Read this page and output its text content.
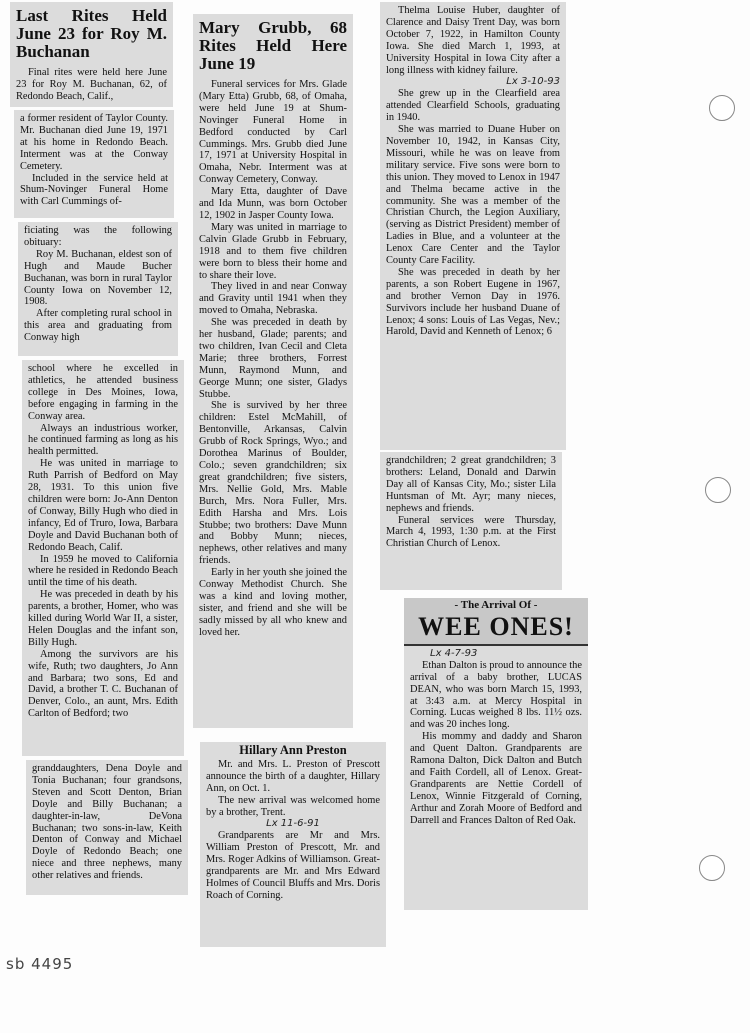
Last Rites Held June 23 for Roy M. Buchanan

Final rites were held here June 23 for Roy M. Buchanan, 62, of Redondo Beach, Calif.,

a former resident of Taylor County. Mr. Buchanan died June 19, 1971 at his home in Redondo Beach. Interment was at the Conway Cemetery.

Included in the service held at Shum-Novinger Funeral Home with Carl Cummings of-

ficiating was the following obituary:

Roy M. Buchanan, eldest son of Hugh and Maude Bucher Buchanan, was born in rural Taylor County Iowa on November 12, 1908.

After completing rural school in this area and graduating from Conway high

school where he excelled in athletics, he attended business college in Des Moines, Iowa, before engaging in farming in the Conway area.

Always an industrious worker, he continued farming as long as his health permitted.

He was united in marriage to Ruth Parrish of Bedford on May 28, 1931. To this union five children were born: Jo-Ann Denton of Conway, Billy Hugh who died in infancy, Ed of Truro, Iowa, Barbara Doyle and David Buchanan both of Redondo Beach, Calif.

In 1959 he moved to California where he resided in Redondo Beach until the time of his death.

He was preceded in death by his parents, a brother, Homer, who was killed during World War II, a sister, Helen Douglas and the infant son, Billy Hugh.

Among the survivors are his wife, Ruth; two daughters, Jo Ann and Barbara; two sons, Ed and David, a brother T. C. Buchanan of Denver, Colo., an aunt, Mrs. Edith Carlton of Bedford; two

granddaughters, Dena Doyle and Tonia Buchanan; four grandsons, Steven and Scott Denton, Brian Doyle and Billy Buchanan; a daughter-in-law, DeVona Buchanan; two sons-in-law, Keith Denton of Conway and Michael Doyle of Redondo Beach; one niece and three nephews, many other relatives and friends.

Mary Grubb, 68 Rites Held Here June 19

Funeral services for Mrs. Glade (Mary Etta) Grubb, 68, of Omaha, were held June 19 at Shum-Novinger Funeral Home in Bedford conducted by Carl Cummings. Mrs. Grubb died June 17, 1971 at University Hospital in Omaha, Nebr. Interment was at Conway Cemetery, Conway.

Mary Etta, daughter of Dave and Ida Munn, was born October 12, 1902 in Jasper County Iowa.

Mary was united in marriage to Calvin Glade Grubb in February, 1918 and to them five children were born to bless their home and to share their love.

They lived in and near Conway and Gravity until 1941 when they moved to Omaha, Nebraska.

She was preceded in death by her husband, Glade; parents; and two children, Ivan Cecil and Cleta Marie; three brothers, Forrest Munn, Raymond Munn, and George Munn; one sister, Gladys Stubbe.

She is survived by her three children: Estel McMahill, of Bentonville, Arkansas, Calvin Grubb of Rock Springs, Wyo.; and Dorothea Marinus of Boulder, Colo.; seven grandchildren; six great grandchildren; five sisters, Mrs. Nellie Gold, Mrs. Mable Burch, Mrs. Nora Fuller, Mrs. Edith Harsha and Mrs. Lois Stubbe; two brothers: Dave Munn and Bobby Munn; nieces, nephews, other relatives and many friends.

Early in her youth she joined the Conway Methodist Church. She was a kind and loving mother, sister, and friend and she will be sadly missed by all who knew and loved her.

Hillary Ann Preston

Mr. and Mrs. L. Preston of Prescott announce the birth of a daughter, Hillary Ann, on Oct. 1.

The new arrival was welcomed home by a brother, Trent.

Lx 11-6-91

Grandparents are Mr and Mrs. William Preston of Prescott, Mr. and Mrs. Roger Adkins of Williamson. Great-grandparents are Mr. and Mrs Edward Holmes of Council Bluffs and Mrs. Doris Roach of Corning.

Thelma Louise Huber, daughter of Clarence and Daisy Trent Day, was born October 7, 1922, in Hamilton County Iowa. She died March 1, 1993, at University Hospital in Iowa City after a long illness with kidney failure.

Lx 3-10-93

She grew up in the Clearfield area attended Clearfield Schools, graduating in 1940.

She was married to Duane Huber on November 10, 1942, in Kansas City, Missouri, while he was on leave from military service. Five sons were born to this union. They moved to Lenox in 1947 and Thelma became active in the community. She was a member of the Christian Church, the Legion Auxiliary, (serving as District President) member of Ladies in Blue, and a volunteer at the Lenox Care Center and the Taylor County Care Facility.

She was preceded in death by her parents, a son Robert Eugene in 1967, and brother Vernon Day in 1976. Survivors include her husband Duane of Lenox; 4 sons: Louis of Las Vegas, Nev.; Harold, David and Kenneth of Lenox; 6

grandchildren; 2 great grandchildren; 3 brothers: Leland, Donald and Darwin Day all of Kansas City, Mo.; sister Lila Huntsman of Mt. Ayr; many nieces, nephews and friends.

Funeral services were Thursday, March 4, 1993, 1:30 p.m. at the First Christian Church of Lenox.

- The Arrival Of -
WEE ONES!
Lx 4-7-93

Ethan Dalton is proud to announce the arrival of a baby brother, LUCAS DEAN, who was born March 15, 1993, at 3:43 a.m. at Mercy Hospital in Corning. Lucas weighed 8 lbs. 11½ ozs. and was 20 inches long.

His mommy and daddy and Sharon and Quent Dalton. Grandparents are Ramona Dalton, Dick Dalton and Butch and Faith Cordell, all of Lenox. Great-Grandparents are Nettie Cordell of Lenox, Winnie Fitzgerald of Corning, Arthur and Zorah Moore of Bedford and Darrell and Frances Dalton of Red Oak.

sb 4495
